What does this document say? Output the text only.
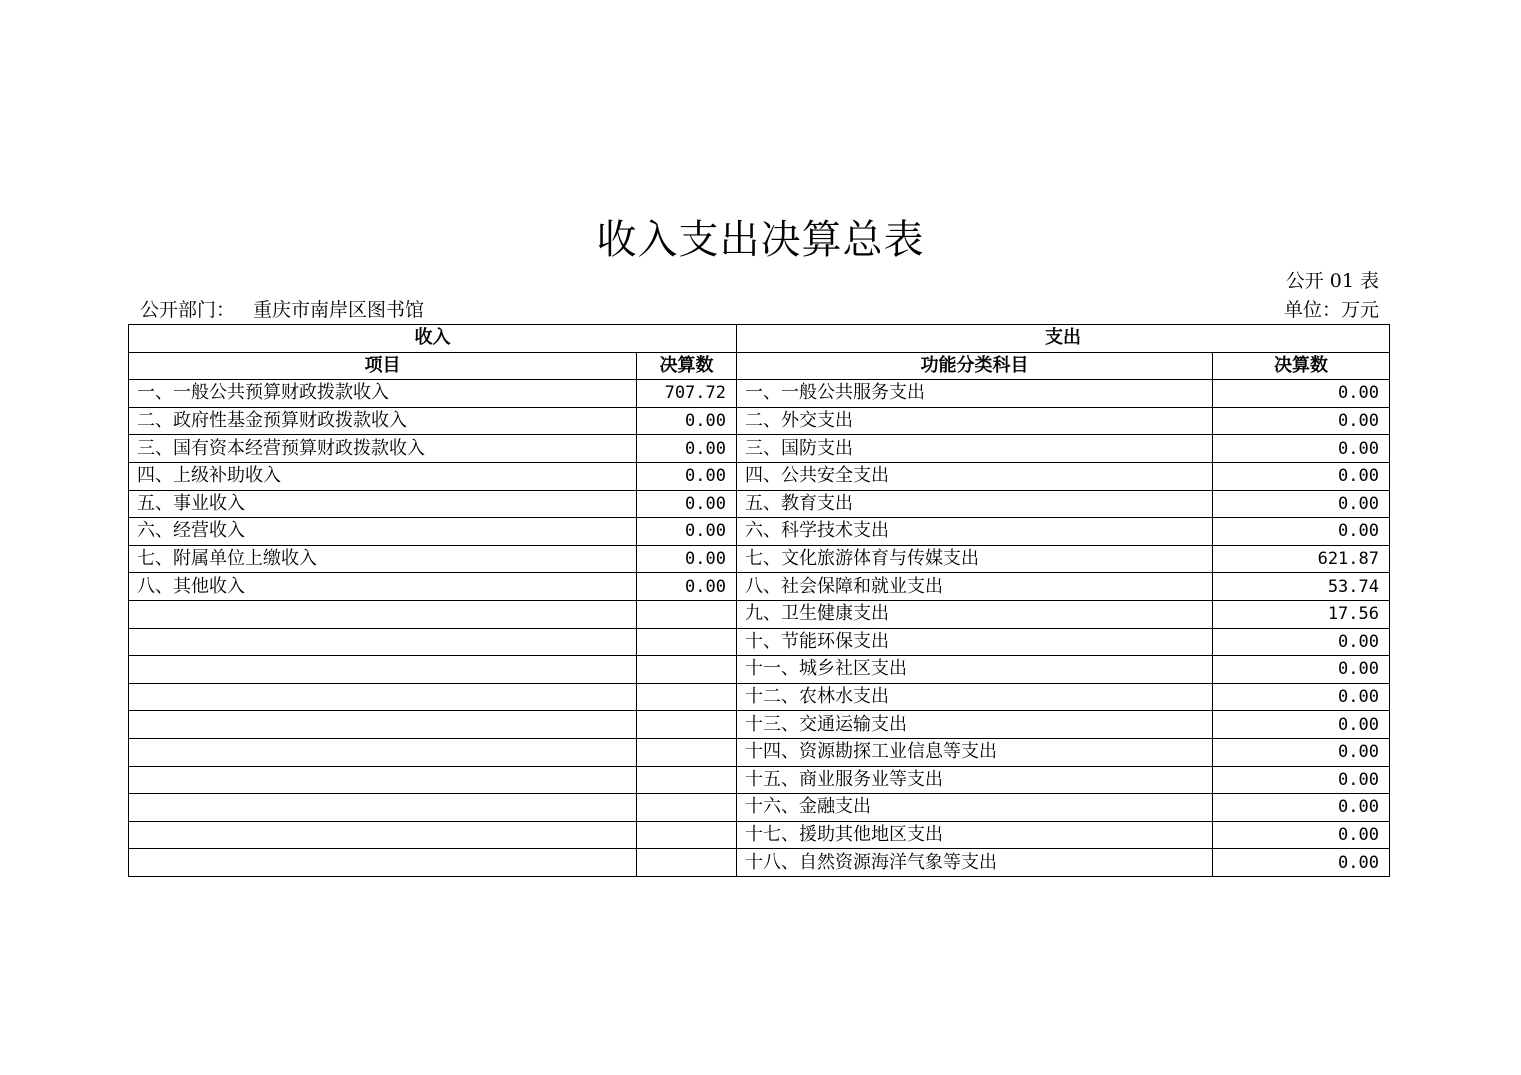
收入支出决算总表
公开 01 表
公开部门： 重庆市南岸区图书馆	单位：万元
收入		支出	
项目	决算数	功能分类科目	决算数
一、一般公共预算财政拨款收入	707.72	一、一般公共服务支出	0.00
二、政府性基金预算财政拨款收入	0.00	二、外交支出	0.00
三、国有资本经营预算财政拨款收入	0.00	三、国防支出	0.00
四、上级补助收入	0.00	四、公共安全支出	0.00
五、事业收入	0.00	五、教育支出	0.00
六、经营收入	0.00	六、科学技术支出	0.00
七、附属单位上缴收入	0.00	七、文化旅游体育与传媒支出	621.87
八、其他收入	0.00	八、社会保障和就业支出	53.74
		九、卫生健康支出	17.56
		十、节能环保支出	0.00
		十一、城乡社区支出	0.00
		十二、农林水支出	0.00
		十三、交通运输支出	0.00
		十四、资源勘探工业信息等支出	0.00
		十五、商业服务业等支出	0.00
		十六、金融支出	0.00
		十七、援助其他地区支出	0.00
		十八、自然资源海洋气象等支出	0.00
